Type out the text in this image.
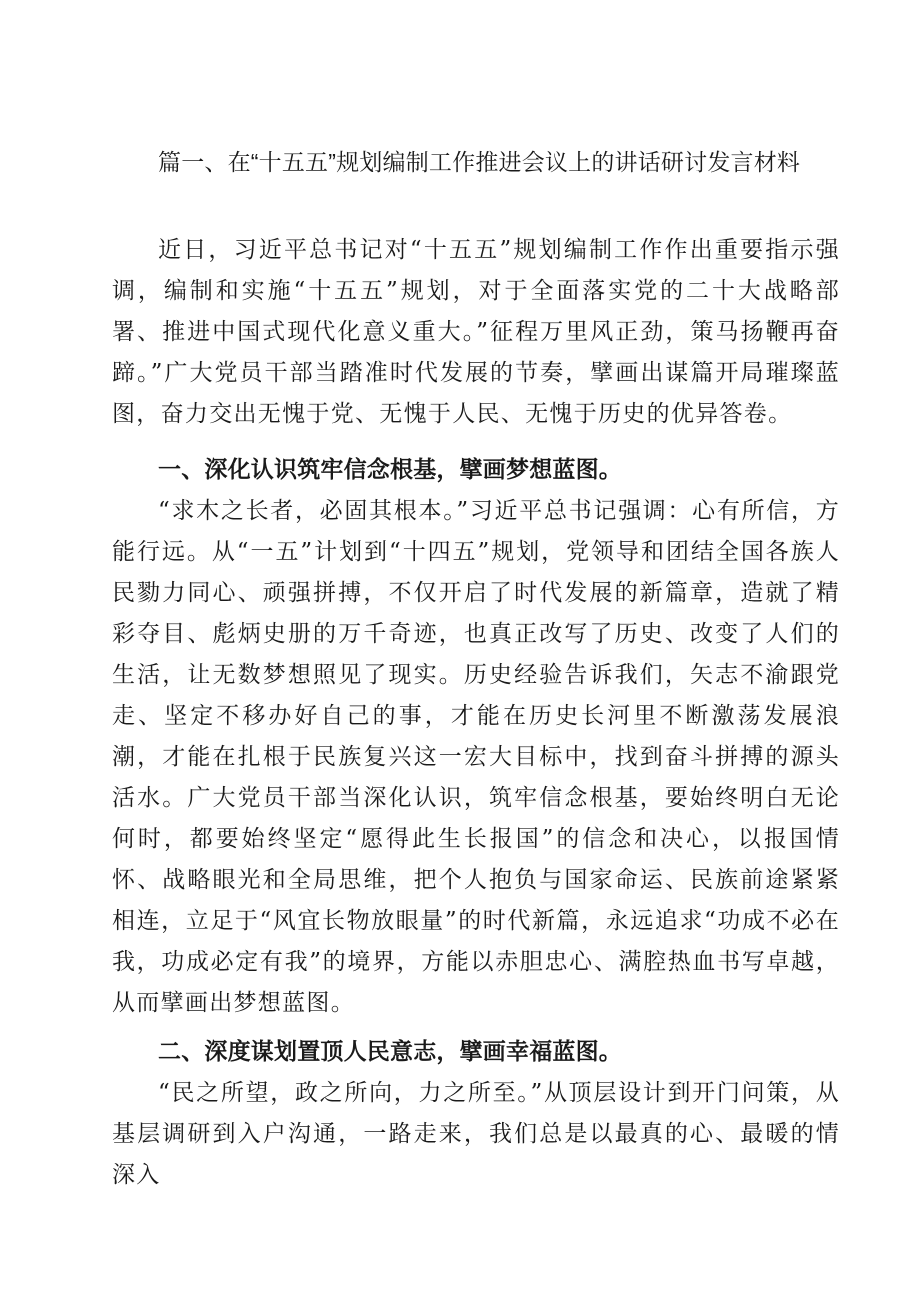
篇一、在“十五五”规划编制工作推进会议上的讲话研讨发言材料

近日，习近平总书记对“十五五”规划编制工作作出重要指示强调，编制和实施“十五五”规划，对于全面落实党的二十大战略部署、推进中国式现代化意义重大。”征程万里风正劲，策马扬鞭再奋蹄。”广大党员干部当踏准时代发展的节奏，擘画出谋篇开局璀璨蓝图，奋力交出无愧于党、无愧于人民、无愧于历史的优异答卷。

一、深化认识筑牢信念根基，擘画梦想蓝图。

“求木之长者，必固其根本。”习近平总书记强调：心有所信，方能行远。从“一五”计划到“十四五”规划，党领导和团结全国各族人民勠力同心、顽强拼搏，不仅开启了时代发展的新篇章，造就了精彩夺目、彪炳史册的万千奇迹，也真正改写了历史、改变了人们的生活，让无数梦想照见了现实。历史经验告诉我们，矢志不渝跟党走、坚定不移办好自己的事，才能在历史长河里不断激荡发展浪潮，才能在扎根于民族复兴这一宏大目标中，找到奋斗拼搏的源头活水。广大党员干部当深化认识，筑牢信念根基，要始终明白无论何时，都要始终坚定“愿得此生长报国”的信念和决心，以报国情怀、战略眼光和全局思维，把个人抱负与国家命运、民族前途紧紧相连，立足于“风宜长物放眼量”的时代新篇，永远追求“功成不必在我，功成必定有我”的境界，方能以赤胆忠心、满腔热血书写卓越，从而擘画出梦想蓝图。

二、深度谋划置顶人民意志，擘画幸福蓝图。

“民之所望，政之所向，力之所至。”从顶层设计到开门问策，从基层调研到入户沟通，一路走来，我们总是以最真的心、最暖的情深入
